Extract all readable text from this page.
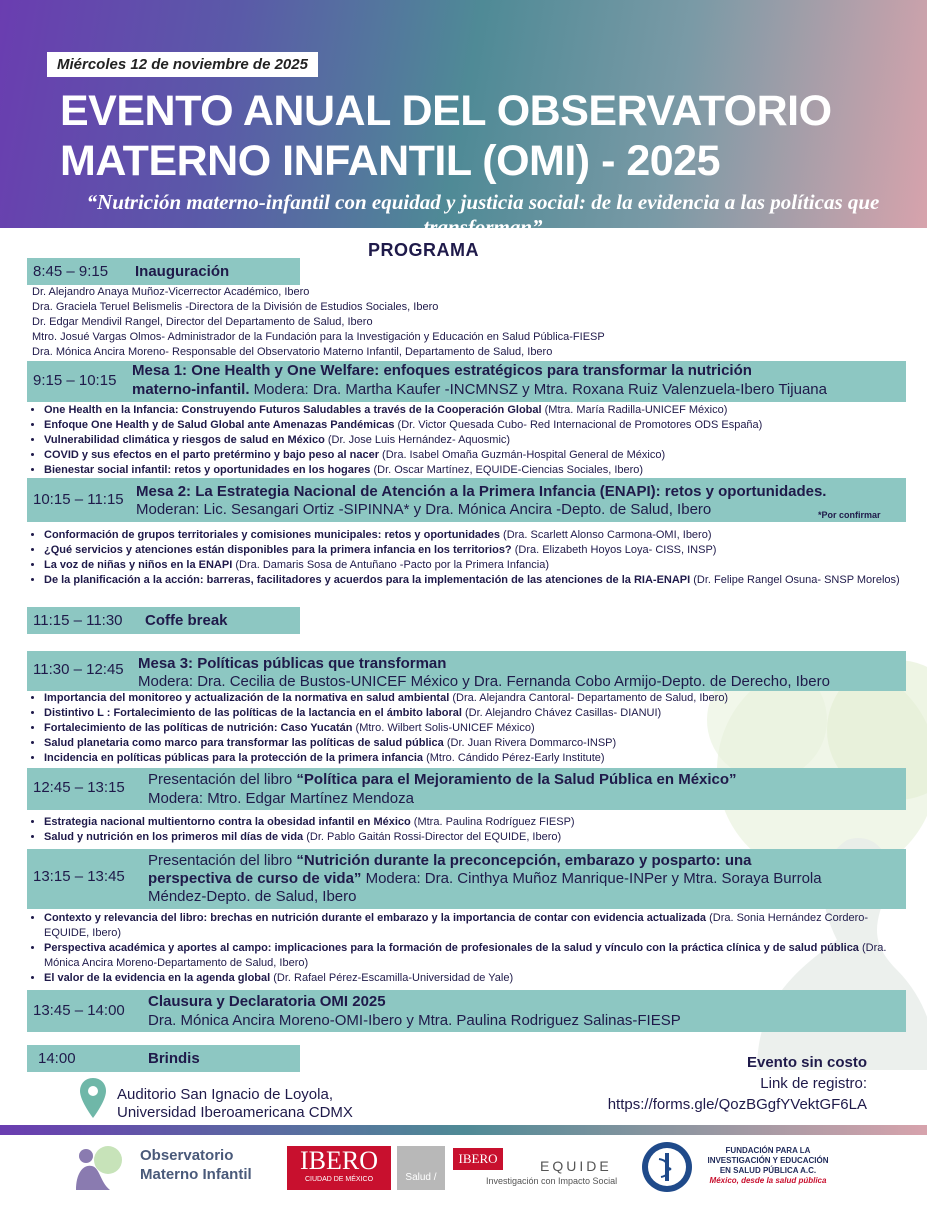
Miércoles 12 de noviembre de 2025
EVENTO ANUAL DEL OBSERVATORIO
MATERNO INFANTIL (OMI) - 2025
“Nutrición materno-infantil con equidad y justicia social: de la evidencia a las políticas que transforman”
PROGRAMA
8:45 – 9:15 Inauguración
Dr. Alejandro Anaya Muñoz-Vicerrector Académico, Ibero
Dra. Graciela Teruel Belismelis -Directora de la División de Estudios Sociales, Ibero
Dr. Edgar Mendivil Rangel, Director del Departamento de Salud, Ibero
Mtro. Josué Vargas Olmos- Administrador de la Fundación para la Investigación y Educación en Salud Pública-FIESP
Dra. Mónica Ancira Moreno- Responsable del Observatorio Materno Infantil, Departamento de Salud, Ibero
9:15 – 10:15
Mesa 1: One Health y One Welfare: enfoques estratégicos para transformar la nutrición
materno-infantil. Modera: Dra. Martha Kaufer -INCMNSZ y Mtra. Roxana Ruiz Valenzuela-Ibero Tijuana
• One Health en la Infancia: Construyendo Futuros Saludables a través de la Cooperación Global (Mtra. María Radilla-UNICEF México)
• Enfoque One Health y de Salud Global ante Amenazas Pandémicas (Dr. Victor Quesada Cubo- Red Internacional de Promotores ODS España)
• Vulnerabilidad climática y riesgos de salud en México (Dr. Jose Luis Hernández- Aquosmic)
• COVID y sus efectos en el parto pretérmino y bajo peso al nacer (Dra. Isabel Omaña Guzmán-Hospital General de México)
• Bienestar social infantil: retos y oportunidades en los hogares (Dr. Oscar Martínez, EQUIDE-Ciencias Sociales, Ibero)
10:15 – 11:15 Mesa 2: La Estrategia Nacional de Atención a la Primera Infancia (ENAPI): retos y oportunidades.
Moderan: Lic. Sesangari Ortiz -SIPINNA* y Dra. Mónica Ancira -Depto. de Salud, Ibero	*Por confirmar
• Conformación de grupos territoriales y comisiones municipales: retos y oportunidades (Dra. Scarlett Alonso Carmona-OMI, Ibero)
• ¿Qué servicios y atenciones están disponibles para la primera infancia en los territorios? (Dra. Elizabeth Hoyos Loya- CISS, INSP)
• La voz de niñas y niños en la ENAPI (Dra. Damaris Sosa de Antuñano -Pacto por la Primera Infancia)
• De la planificación a la acción: barreras, facilitadores y acuerdos para la implementación de las atenciones de la RIA-ENAPI (Dr. Felipe Rangel Osuna- SNSP Morelos)
11:15 – 11:30 Coffe break
11:30 – 12:45 Mesa 3: Políticas públicas que transforman
Modera: Dra. Cecilia de Bustos-UNICEF México y Dra. Fernanda Cobo Armijo-Depto. de Derecho, Ibero
• Importancia del monitoreo y actualización de la normativa en salud ambiental (Dra. Alejandra Cantoral- Departamento de Salud, Ibero)
• Distintivo L : Fortalecimiento de las políticas de la lactancia en el ámbito laboral (Dr. Alejandro Chávez Casillas- DIANUI)
• Fortalecimiento de las políticas de nutrición: Caso Yucatán (Mtro. Wilbert Solis-UNICEF México)
• Salud planetaria como marco para transformar las políticas de salud pública (Dr. Juan Rivera Dommarco-INSP)
• Incidencia en políticas públicas para la protección de la primera infancia (Mtro. Cándido Pérez-Early Institute)
12:45 – 13:15 Presentación del libro “Política para el Mejoramiento de la Salud Pública en México”
Modera: Mtro. Edgar Martínez Mendoza
• Estrategia nacional multientorno contra la obesidad infantil en México (Mtra. Paulina Rodríguez FIESP)
• Salud y nutrición en los primeros mil días de vida (Dr. Pablo Gaitán Rossi-Director del EQUIDE, Ibero)
13:15 – 13:45
Presentación del libro “Nutrición durante la preconcepción, embarazo y posparto: una
perspectiva de curso de vida” Modera: Dra. Cinthya Muñoz Manrique-INPer y Mtra. Soraya Burrola
Méndez-Depto. de Salud, Ibero
• Contexto y relevancia del libro: brechas en nutrición durante el embarazo y la importancia de contar con evidencia actualizada (Dra. Sonia Hernández Cordero- EQUIDE, Ibero)
• Perspectiva académica y aportes al campo: implicaciones para la formación de profesionales de la salud y vínculo con la práctica clínica y de salud pública (Dra. Mónica Ancira Moreno-Departamento de Salud, Ibero)
• El valor de la evidencia en la agenda global (Dr. Rafael Pérez-Escamilla-Universidad de Yale)
13:45 – 14:00
Clausura y Declaratoria OMI 2025
Dra. Mónica Ancira Moreno-OMI-Ibero y Mtra. Paulina Rodriguez Salinas-FIESP
14:00	Brindis
Auditorio San Ignacio de Loyola,
Universidad Iberoamericana CDMX
Evento sin costo
Link de registro:
https://forms.gle/QozBGgfYVektGF6LA
Observatorio
Materno Infantil	IBERO
CIUDAD DE MÉXICO	Salud /
IBERO	EQUIDE
Investigación con Impacto Social
FUNDACIÓN PARA LA
INVESTIGACIÓN Y EDUCACIÓN
EN SALUD PÚBLICA A.C.
México, desde la salud pública
